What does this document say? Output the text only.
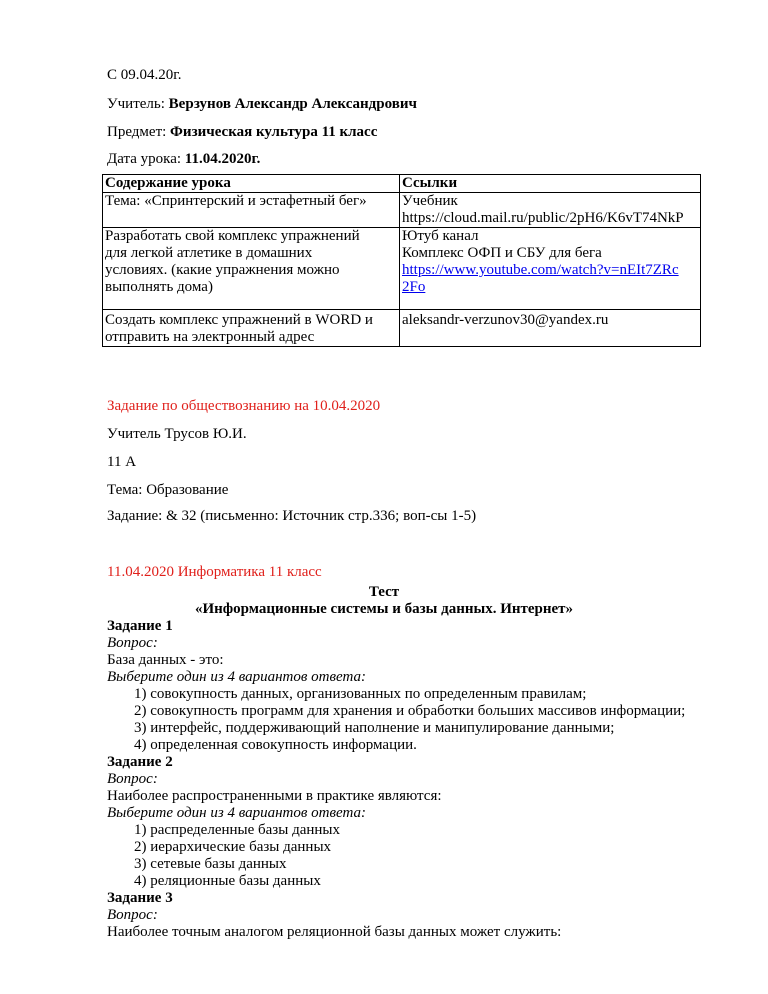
С 09.04.20г.
Учитель: Верзунов Александр Александрович
Предмет: Физическая культура 11 класс
Дата урока: 11.04.2020г.
Содержание урока	Ссылки

Тема: «Спринтерский и эстафетный бег»	Учебник
https://cloud.mail.ru/public/2pH6/K6vT74NkP

Разработать свой комплекс упражнений
для легкой атлетике в домашних
условиях. (какие упражнения можно
выполнять дома)	Ютуб канал
Комплекс ОФП и СБУ для бега
https://www.youtube.com/watch?v=nEIt7ZRc
2Fo

Создать комплекс упражнений в WORD и
отправить на электронный адрес	aleksandr-verzunov30@yandex.ru
Задание по обществознанию на 10.04.2020
Учитель Трусов Ю.И.
11 А
Тема: Образование
Задание: & 32 (письменно: Источник стр.336; воп-сы 1-5)
11.04.2020 Информатика 11 класс
Тест
«Информационные системы и базы данных. Интернет»
Задание 1
Вопрос:
База данных - это:
Выберите один из 4 вариантов ответа:
1) совокупность данных, организованных по определенным правилам;
2) совокупность программ для хранения и обработки больших массивов информации;
3) интерфейс, поддерживающий наполнение и манипулирование данными;
4) определенная совокупность информации.
Задание 2
Вопрос:
Наиболее распространенными в практике являются:
Выберите один из 4 вариантов ответа:
1) распределенные базы данных
2) иерархические базы данных
3) сетевые базы данных
4) реляционные базы данных
Задание 3
Вопрос:
Наиболее точным аналогом реляционной базы данных может служить:
